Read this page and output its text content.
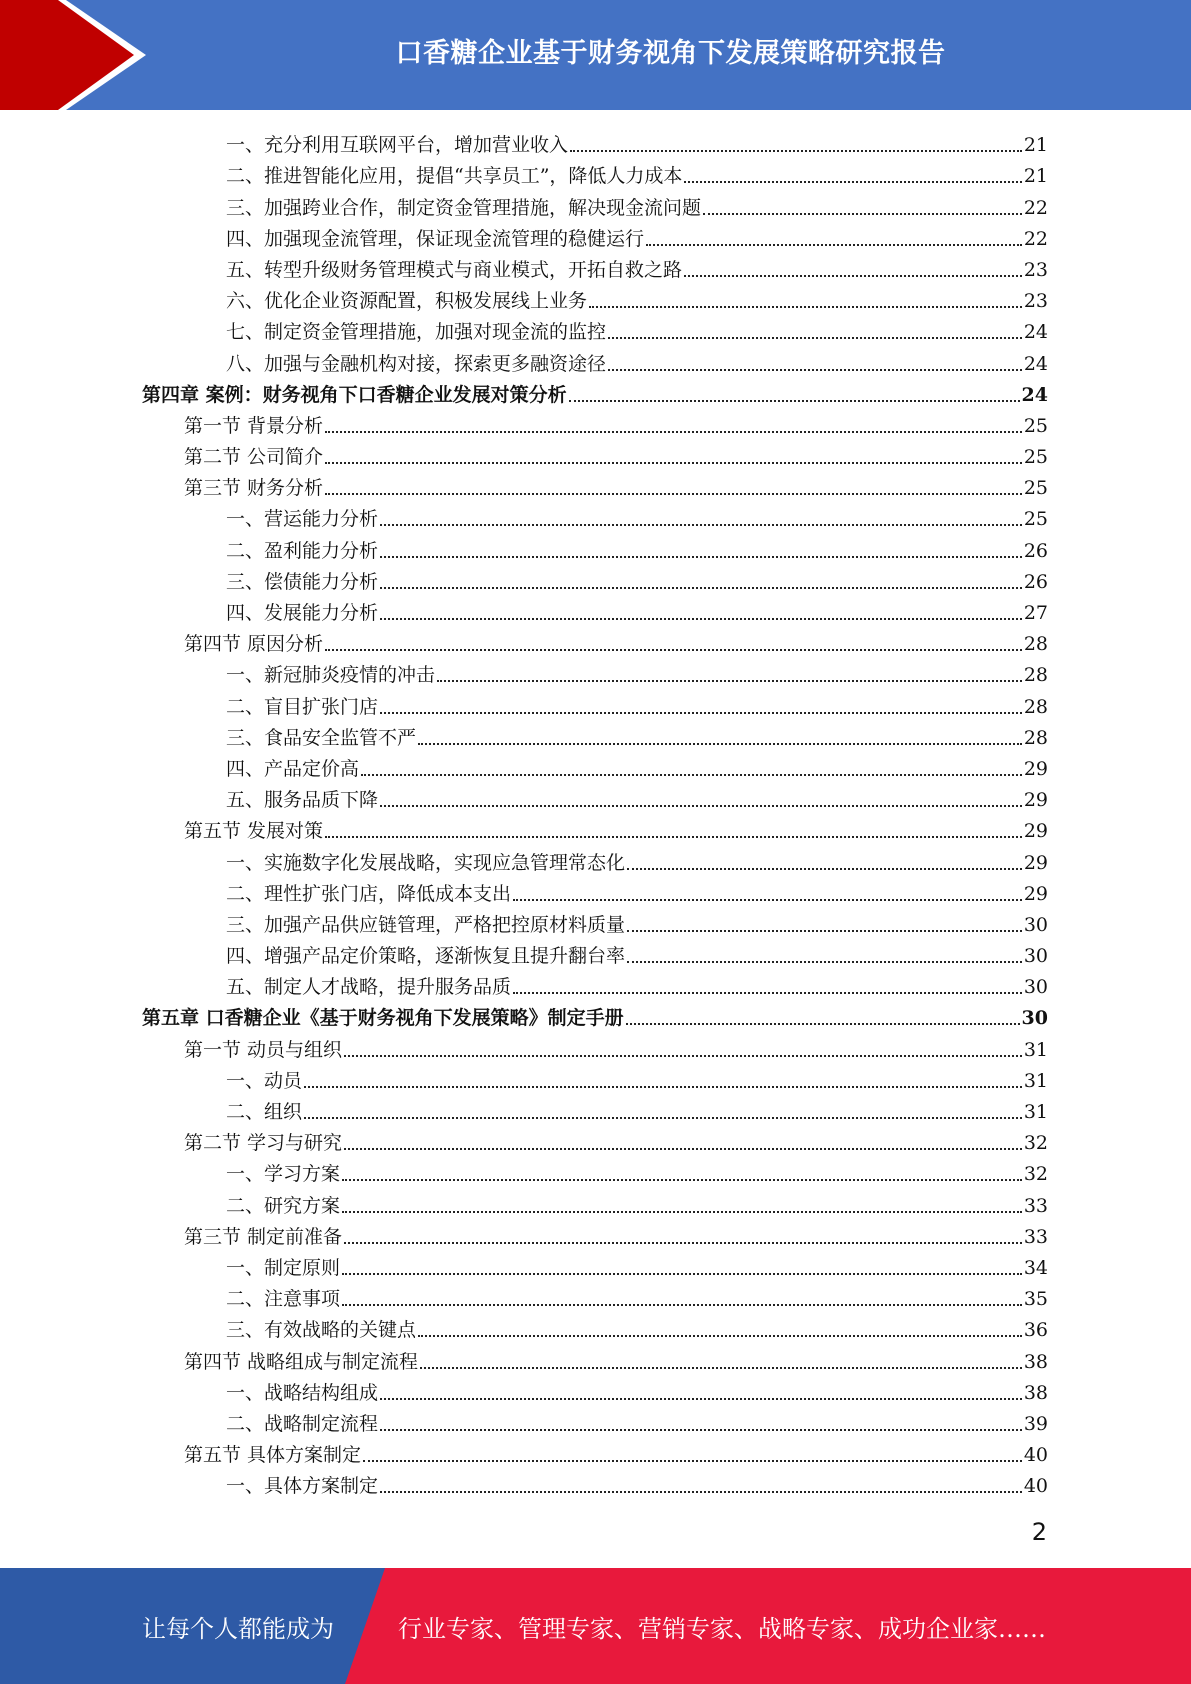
口香糖企业基于财务视角下发展策略研究报告
一、充分利用互联网平台，增加营业收入	21
二、推进智能化应用，提倡“共享员工”，降低人力成本	21
三、加强跨业合作，制定资金管理措施，解决现金流问题	22
四、加强现金流管理，保证现金流管理的稳健运行	22
五、转型升级财务管理模式与商业模式，开拓自救之路	23
六、优化企业资源配置，积极发展线上业务	23
七、制定资金管理措施，加强对现金流的监控	24
八、加强与金融机构对接，探索更多融资途径	24
第四章 案例：财务视角下口香糖企业发展对策分析	24
第一节 背景分析	25
第二节 公司简介	25
第三节 财务分析	25
一、营运能力分析	25
二、盈利能力分析	26
三、偿债能力分析	26
四、发展能力分析	27
第四节 原因分析	28
一、新冠肺炎疫情的冲击	28
二、盲目扩张门店	28
三、食品安全监管不严	28
四、产品定价高	29
五、服务品质下降	29
第五节 发展对策	29
一、实施数字化发展战略，实现应急管理常态化	29
二、理性扩张门店，降低成本支出	29
三、加强产品供应链管理，严格把控原材料质量	30
四、增强产品定价策略，逐渐恢复且提升翻台率	30
五、制定人才战略，提升服务品质	30
第五章 口香糖企业《基于财务视角下发展策略》制定手册	30
第一节 动员与组织	31
一、动员	31
二、组织	31
第二节 学习与研究	32
一、学习方案	32
二、研究方案	33
第三节 制定前准备	33
一、制定原则	34
二、注意事项	35
三、有效战略的关键点	36
第四节 战略组成与制定流程	38
一、战略结构组成	38
二、战略制定流程	39
第五节 具体方案制定	40
一、具体方案制定	40
2
让每个人都能成为	行业专家、管理专家、营销专家、战略专家、成功企业家……
